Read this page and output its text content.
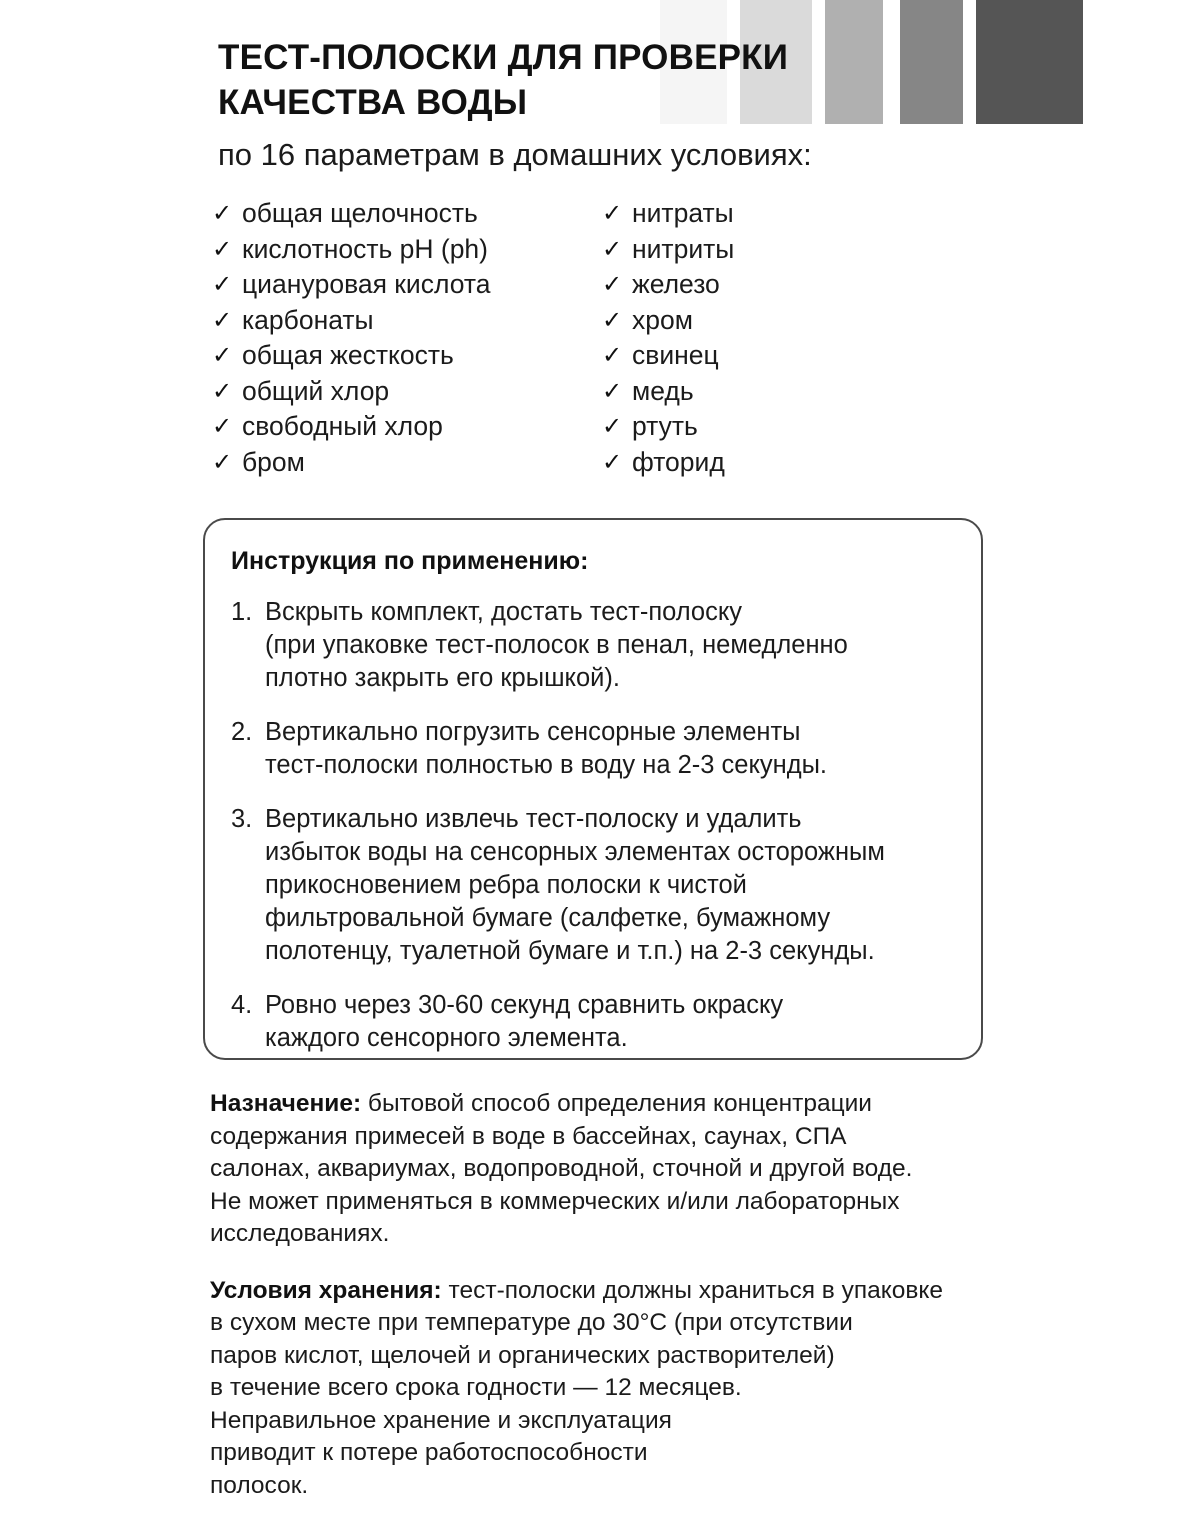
ТЕСТ-ПОЛОСКИ ДЛЯ ПРОВЕРКИ КАЧЕСТВА ВОДЫ

по 16 параметрам в домашних условиях:

✓ общая щелочность
✓ кислотность pH (ph)
✓ цианypовая кислота
✓ карбонаты
✓ общая жесткость
✓ общий хлор
✓ свободный хлор
✓ бром
✓ нитраты
✓ нитриты
✓ железо
✓ хром
✓ свинец
✓ медь
✓ ртуть
✓ фторид
Инструкция по применению:
1. Вскрыть комплект, достать тест-полоску
(при упаковке тест-полосок в пенал, немедленно
плотно закрыть его крышкой).
2. Вертикально погрузить сенсорные элементы
тест-полоски полностью в воду на 2-3 секунды.
3. Вертикально извлечь тест-полоску и удалить
избыток воды на сенсорных элементах осторожным
прикосновением ребра полоски к чистой
фильтровальной бумаге (салфетке, бумажному
полотенцу, туалетной бумаге и т.п.) на 2-3 секунды.
4. Ровно через 30-60 секунд сравнить окраску
каждого сенсорного элемента.

Назначение: бытовой способ определения концентрации
содержания примесей в воде в бассейнах, саунах, СПА
салонах, аквариумах, водопроводной, сточной и другой воде.
Не может применяться в коммерческих и/или лабораторных
исследованиях.

Условия хранения: тест-полоски должны храниться в упаковке
в сухом месте при температуре до 30°С (при отсутствии
паров кислот, щелочей и органических растворителей)
в течение всего срока годности — 12 месяцев.
Неправильное хранение и эксплуатация
приводит к потере работоспособности
полосок.
